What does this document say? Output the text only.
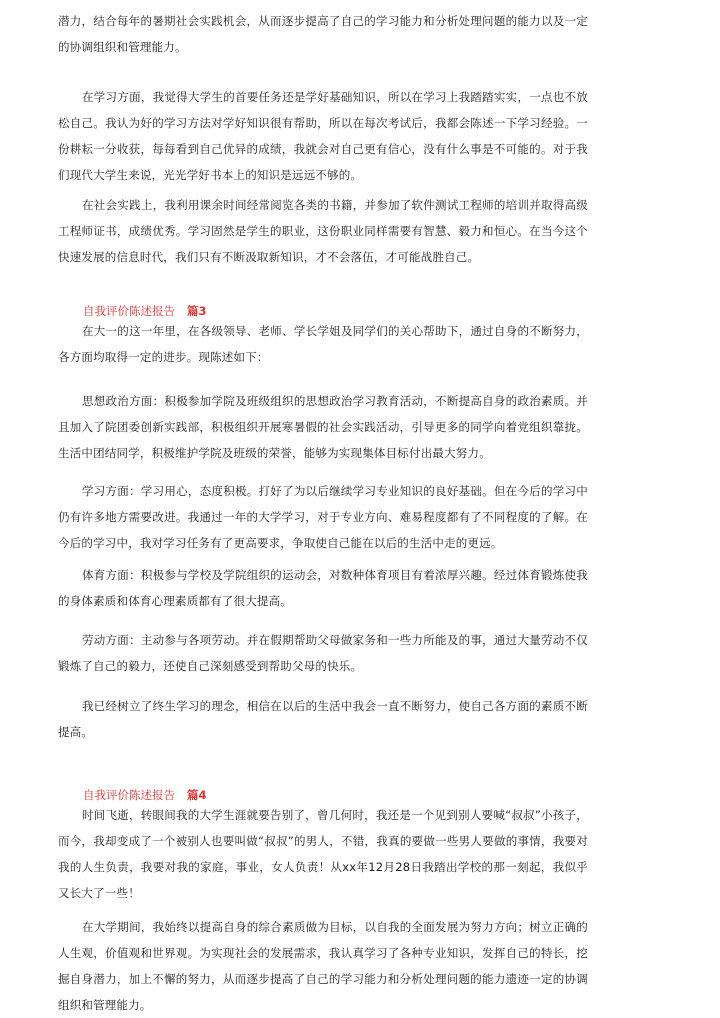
潜力，结合每年的暑期社会实践机会，从而逐步提高了自己的学习能力和分析处理问题的能力以及一定的协调组织和管理能力。

在学习方面，我觉得大学生的首要任务还是学好基础知识，所以在学习上我踏踏实实，一点也不放松自己。我认为好的学习方法对学好知识很有帮助，所以在每次考试后，我都会陈述一下学习经验。一份耕耘一分收获，每每看到自己优异的成绩，我就会对自己更有信心，没有什么事是不可能的。对于我们现代大学生来说，光光学好书本上的知识是远远不够的。

在社会实践上，我利用课余时间经常阅览各类的书籍，并参加了软件测试工程师的培训并取得高级工程师证书，成绩优秀。学习固然是学生的职业，这份职业同样需要有智慧、毅力和恒心。在当今这个快速发展的信息时代，我们只有不断汲取新知识，才不会落伍，才可能战胜自己。

自我评价陈述报告 篇3

在大一的这一年里，在各级领导、老师、学长学姐及同学们的关心帮助下，通过自身的不断努力，各方面均取得一定的进步。现陈述如下：

思想政治方面：积极参加学院及班级组织的思想政治学习教育活动，不断提高自身的政治素质。并且加入了院团委创新实践部，积极组织开展寒暑假的社会实践活动，引导更多的同学向着党组织靠拢。生活中团结同学，积极维护学院及班级的荣誉，能够为实现集体目标付出最大努力。

学习方面：学习用心，态度积极。打好了为以后继续学习专业知识的良好基础。但在今后的学习中仍有许多地方需要改进。我通过一年的大学学习，对于专业方向、难易程度都有了不同程度的了解。在今后的学习中，我对学习任务有了更高要求，争取使自己能在以后的生活中走的更远。

体育方面：积极参与学校及学院组织的运动会，对数种体育项目有着浓厚兴趣。经过体育锻炼使我的身体素质和体育心理素质都有了很大提高。

劳动方面：主动参与各项劳动。并在假期帮助父母做家务和一些力所能及的事，通过大量劳动不仅锻炼了自己的毅力，还使自己深刻感受到帮助父母的快乐。

我已经树立了终生学习的理念，相信在以后的生活中我会一直不断努力，使自己各方面的素质不断提高。

自我评价陈述报告 篇4

时间飞逝，转眼间我的大学生涯就要告别了，曾几何时，我还是一个见到别人要喊“叔叔”小孩子，而今，我却变成了一个被别人也要叫做“叔叔”的男人，不错，我真的要做一些男人要做的事情，我要对我的人生负责，我要对我的家庭，事业，女人负责！从xx年12月28日我踏出学校的那一刻起，我似乎又长大了一些！

在大学期间，我始终以提高自身的综合素质做为目标，以自我的全面发展为努力方向；树立正确的人生观，价值观和世界观。为实现社会的发展需求，我认真学习了各种专业知识，发挥自己的特长，挖掘自身潜力，加上不懈的努力，从而逐步提高了自己的学习能力和分析处理问题的能力遗迹一定的协调组织和管理能力。
